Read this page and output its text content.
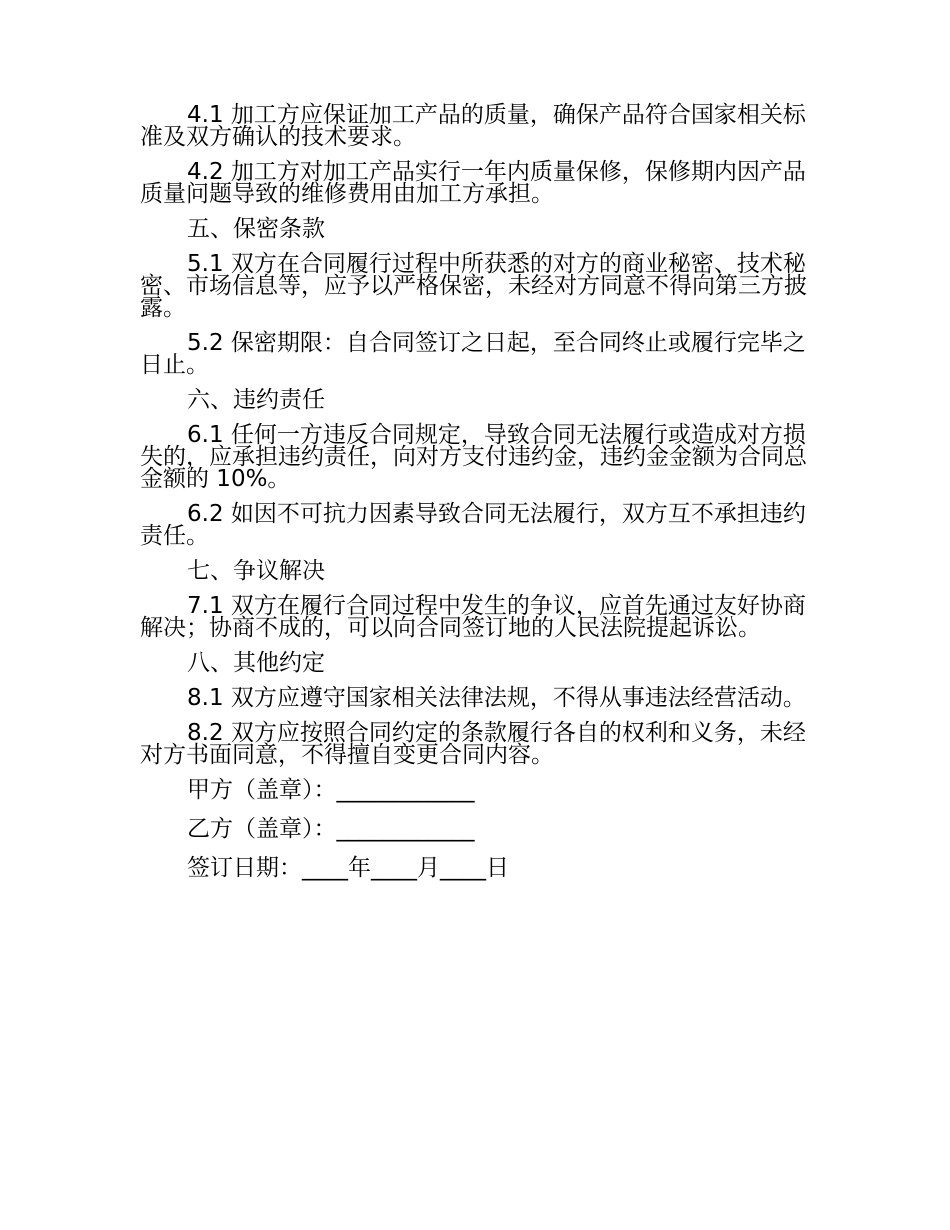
4.1 加工方应保证加工产品的质量，确保产品符合国家相关标准及双方确认的技术要求。

4.2 加工方对加工产品实行一年内质量保修，保修期内因产品质量问题导致的维修费用由加工方承担。

五、保密条款

5.1 双方在合同履行过程中所获悉的对方的商业秘密、技术秘密、市场信息等，应予以严格保密，未经对方同意不得向第三方披露。

5.2 保密期限：自合同签订之日起，至合同终止或履行完毕之日止。

六、违约责任

6.1 任何一方违反合同规定，导致合同无法履行或造成对方损失的，应承担违约责任，向对方支付违约金，违约金金额为合同总金额的 10%。

6.2 如因不可抗力因素导致合同无法履行，双方互不承担违约责任。

七、争议解决

7.1 双方在履行合同过程中发生的争议，应首先通过友好协商解决；协商不成的，可以向合同签订地的人民法院提起诉讼。

八、其他约定

8.1 双方应遵守国家相关法律法规，不得从事违法经营活动。

8.2 双方应按照合同约定的条款履行各自的权利和义务，未经对方书面同意，不得擅自变更合同内容。

甲方（盖章）：____________

乙方（盖章）：____________

签订日期：____年____月____日
